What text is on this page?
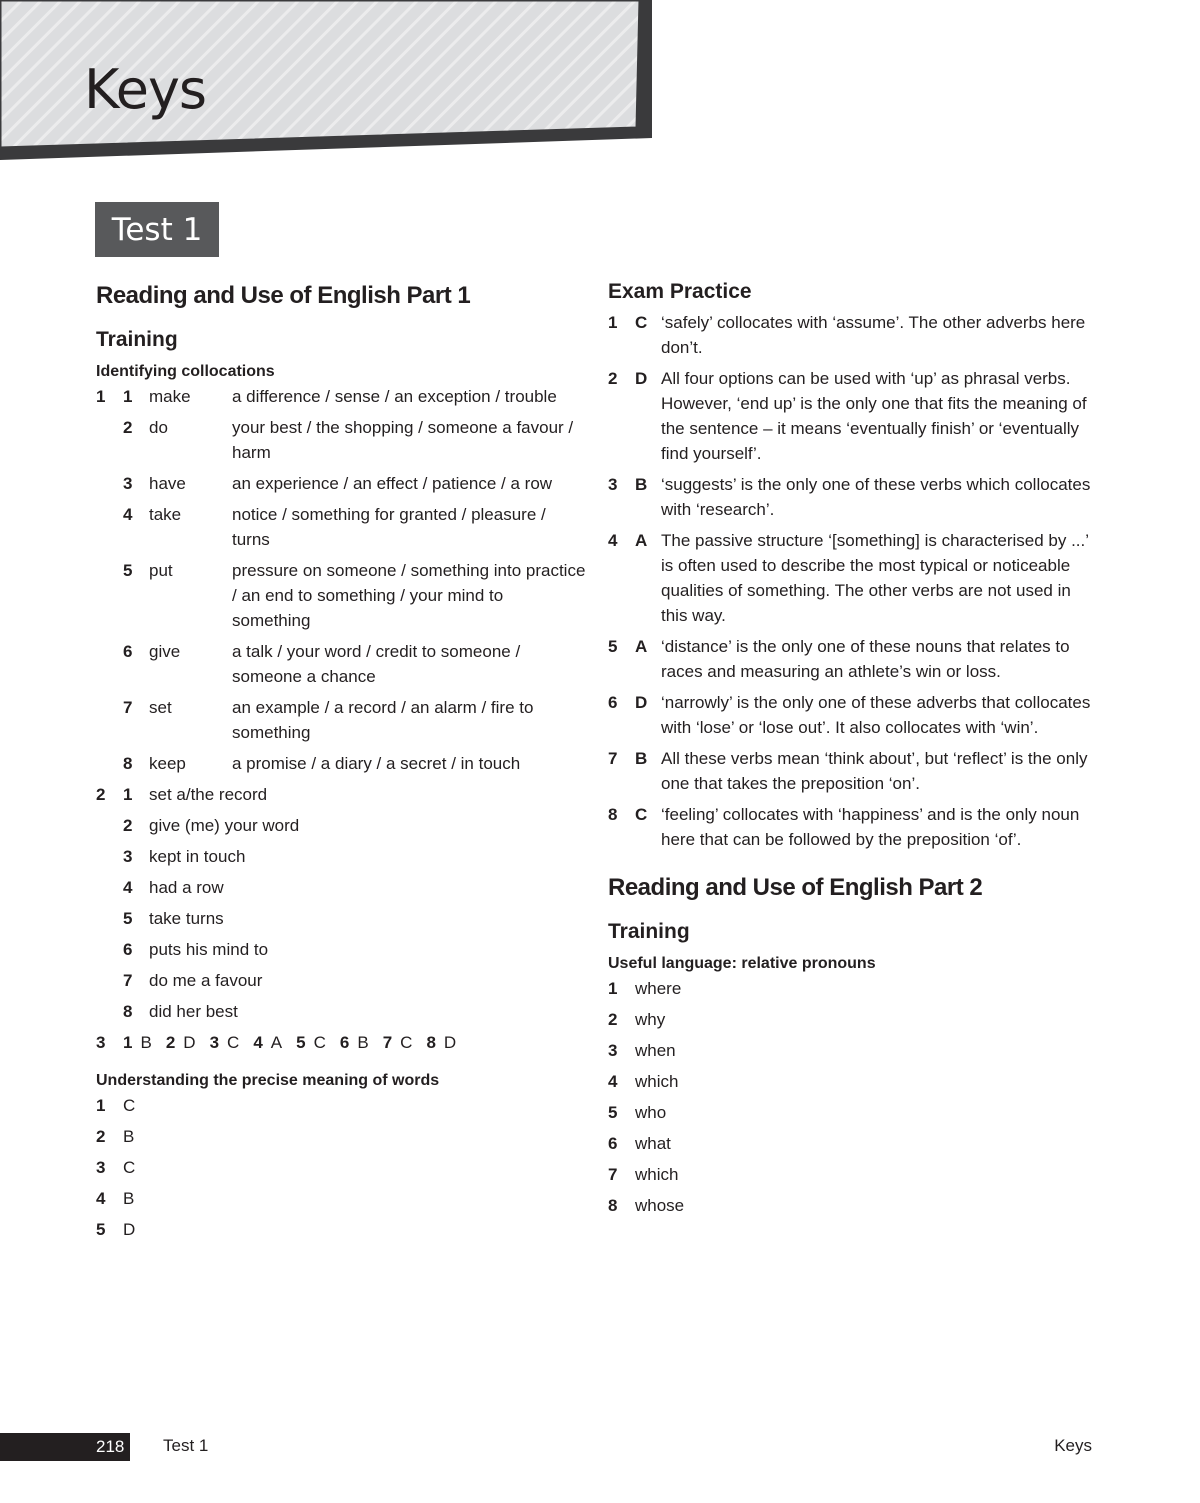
Keys
Test 1
Reading and Use of English Part 1
Training
Identifying collocations
1	1 make	a difference / sense / an exception / trouble
2 do	your best / the shopping / someone a favour / harm
3 have	an experience / an effect / patience / a row
4 take	notice / something for granted / pleasure / turns
5 put	pressure on someone / something into practice / an end to something / your mind to something
6 give	a talk / your word / credit to someone / someone a chance
7 set	an example / a record / an alarm / fire to something
8 keep	a promise / a diary / a secret / in touch
2	1 set a/the record
2 give (me) your word
3 kept in touch
4 had a row
5 take turns
6 puts his mind to
7 do me a favour
8 did her best
3	1 B 2 D 3 C 4 A 5 C 6 B 7 C 8 D
Understanding the precise meaning of words
1	C
2	B
3	C
4	B
5	D
Exam Practice
1	C ‘safely’ collocates with ‘assume’. The other adverbs here don’t.
2	D All four options can be used with ‘up’ as phrasal verbs. However, ‘end up’ is the only one that fits the meaning of the sentence – it means ‘eventually finish’ or ‘eventually find yourself’.
3	B ‘suggests’ is the only one of these verbs which collocates with ‘research’.
4	A The passive structure ‘[something] is characterised by ...’ is often used to describe the most typical or noticeable qualities of something. The other verbs are not used in this way.
5	A ‘distance’ is the only one of these nouns that relates to races and measuring an athlete’s win or loss.
6	D ‘narrowly’ is the only one of these adverbs that collocates with ‘lose’ or ‘lose out’. It also collocates with ‘win’.
7	B All these verbs mean ‘think about’, but ‘reflect’ is the only one that takes the preposition ‘on’.
8	C ‘feeling’ collocates with ‘happiness’ and is the only noun here that can be followed by the preposition ‘of’.
Reading and Use of English Part 2
Training
Useful language: relative pronouns
1	where
2	why
3	when
4	which
5	who
6	what
7	which
8	whose
218 Test 1	Keys
